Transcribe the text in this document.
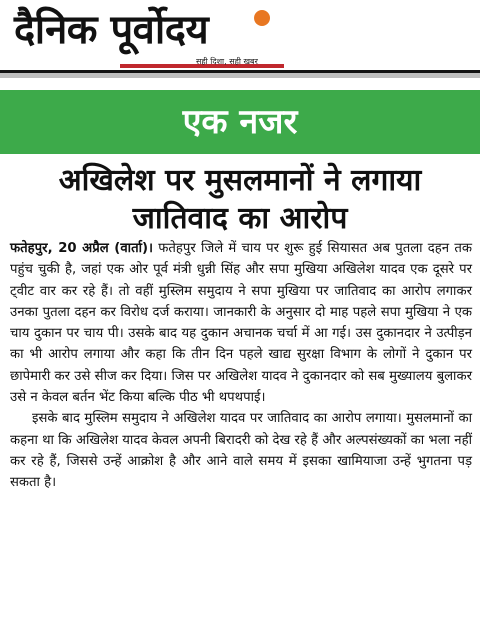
दैनिक पूर्वोदय
सही दिशा, सही खबर
एक नजर
अखिलेश पर मुसलमानों ने लगाया जातिवाद का आरोप

फतेहपुर, 20 अप्रैल (वार्ता)। फतेहपुर जिले में चाय पर शुरू हुई सियासत अब पुतला दहन तक पहुंच चुकी है, जहां एक ओर पूर्व मंत्री धुन्नी सिंह और सपा मुखिया अखिलेश यादव एक दूसरे पर ट्वीट वार कर रहे हैं। तो वहीं मुस्लिम समुदाय ने सपा मुखिया पर जातिवाद का आरोप लगाकर उनका पुतला दहन कर विरोध दर्ज कराया। जानकारी के अनुसार दो माह पहले सपा मुखिया ने एक चाय दुकान पर चाय पी। उसके बाद यह दुकान अचानक चर्चा में आ गई। उस दुकानदार ने उत्पीड़न का भी आरोप लगाया और कहा कि तीन दिन पहले खाद्य सुरक्षा विभाग के लोगों ने दुकान पर छापेमारी कर उसे सीज कर दिया। जिस पर अखिलेश यादव ने दुकानदार को सब मुख्यालय बुलाकर उसे न केवल बर्तन भेंट किया बल्कि पीठ भी थपथपाई।

इसके बाद मुस्लिम समुदाय ने अखिलेश यादव पर जातिवाद का आरोप लगाया। मुसलमानों का कहना था कि अखिलेश यादव केवल अपनी बिरादरी को देख रहे हैं और अल्पसंख्यकों का भला नहीं कर रहे हैं, जिससे उन्हें आक्रोश है और आने वाले समय में इसका खामियाजा उन्हें भुगतना पड़ सकता है।
